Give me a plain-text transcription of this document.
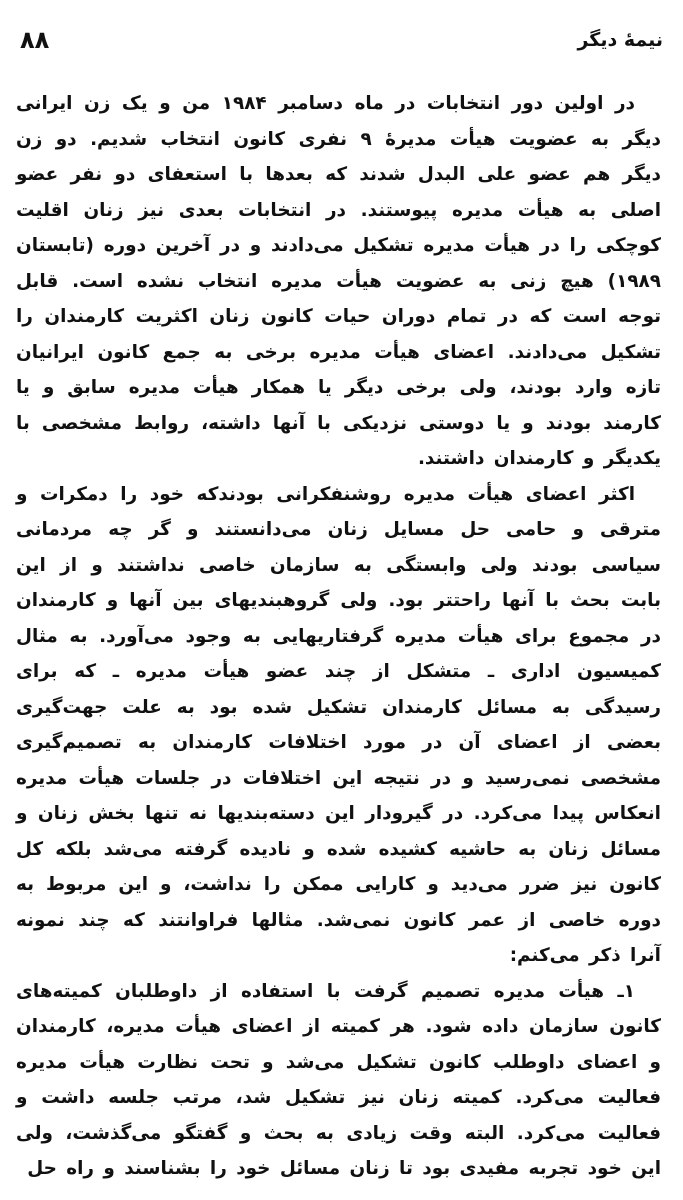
نیمهٔ دیگر
۸۸

در اولین دور انتخابات در ماه دسامبر ۱۹۸۴ من و یک زن ایرانی دیگر به عضویت هیأت مدیرهٔ ۹ نفری کانون انتخاب شدیم. دو زن دیگر هم عضو علی البدل شدند که بعدها با استعفای دو نفر عضو اصلی به هیأت مدیره پیوستند. در انتخابات بعدی نیز زنان اقلیت کوچکی را در هیأت مدیره تشکیل می‌دادند و در آخرین دوره (تابستان ۱۹۸۹) هیچ زنی به عضویت هیأت مدیره انتخاب نشده است. قابل توجه است که در تمام دوران حیات کانون زنان اکثریت کارمندان را تشکیل می‌دادند. اعضای هیأت مدیره برخی به جمع کانون ایرانیان تازه وارد بودند، ولی برخی دیگر یا همکار هیأت مدیره سابق و یا کارمند بودند و یا دوستی نزدیکی با آنها داشته، روابط مشخصی با یکدیگر و کارمندان داشتند.

اکثر اعضای هیأت مدیره روشنفکرانی بودندکه خود را دمکرات و مترقی و حامی حل مسایل زنان می‌دانستند و گر چه مردمانی سیاسی بودند ولی وابستگی به سازمان خاصی نداشتند و از این بابت بحث با آنها راحتتر بود. ولی گروهبندیهای بین آنها و کارمندان در مجموع برای هیأت مدیره گرفتاریهایی به وجود می‌آورد. به مثال کمیسیون اداری ـ متشکل از چند عضو هیأت مدیره ـ که برای رسیدگی به مسائل کارمندان تشکیل شده بود به علت جهت‌گیری بعضی از اعضای آن در مورد اختلافات کارمندان به تصمیم‌گیری مشخصی نمی‌رسید و در نتیجه این اختلافات در جلسات هیأت مدیره انعکاس پیدا می‌کرد. در گیرودار این دسته‌بندیها نه تنها بخش زنان و مسائل زنان به حاشیه کشیده شده و نادیده گرفته می‌شد بلکه کل کانون نیز ضرر می‌دید و کارایی ممکن را نداشت، و این مربوط به دوره خاصی از عمر کانون نمی‌شد. مثالها فراوانتند که چند نمونه آنرا ذکر می‌کنم:

۱ـ هیأت مدیره تصمیم گرفت با استفاده از داوطلبان کمیته‌های کانون سازمان داده شود. هر کمیته از اعضای هیأت مدیره، کارمندان و اعضای داوطلب کانون تشکیل می‌شد و تحت نظارت هیأت مدیره فعالیت می‌کرد. کمیته زنان نیز تشکیل شد، مرتب جلسه داشت و فعالیت می‌کرد. البته وقت زیادی به بحث و گفتگو می‌گذشت، ولی این خود تجربه مفیدی بود تا زنان مسائل خود را بشناسند و راه حل
